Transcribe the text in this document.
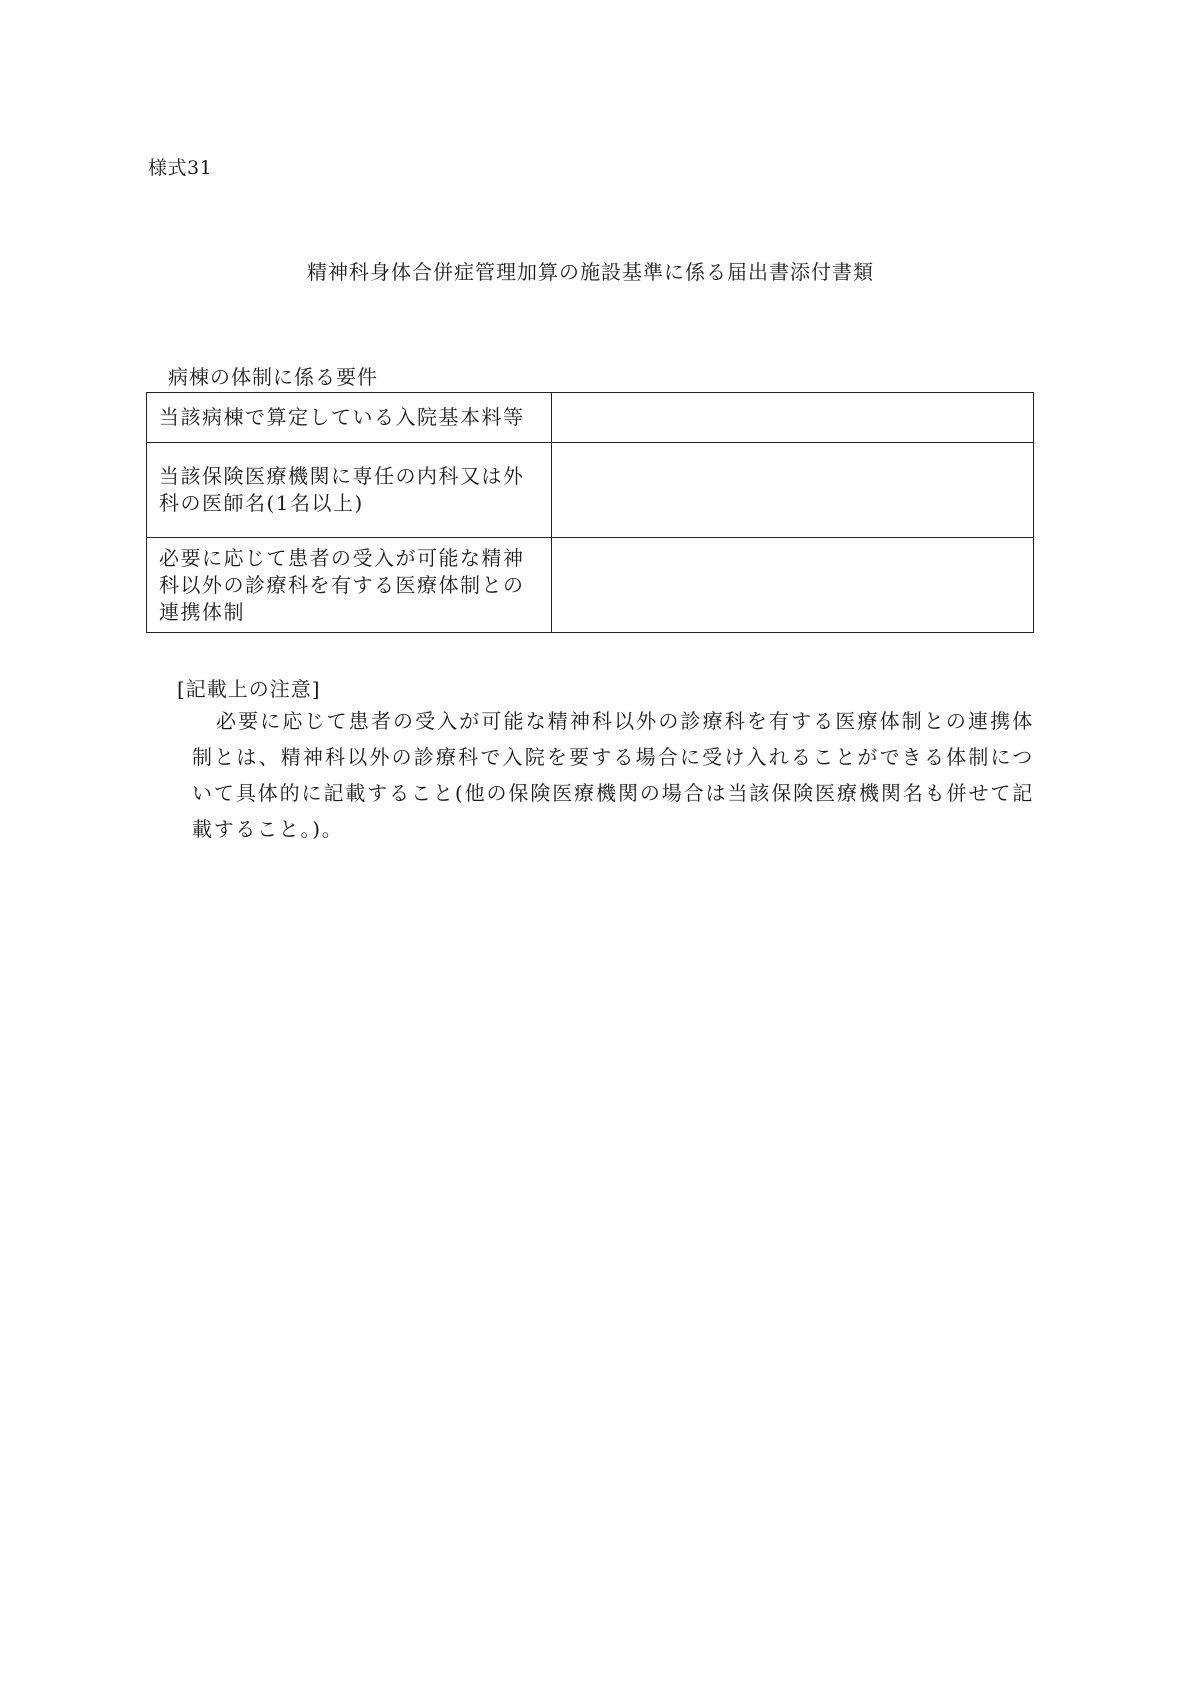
様式31
精神科身体合併症管理加算の施設基準に係る届出書添付書類
病棟の体制に係る要件
当該病棟で算定している入院基本料等	
当該保険医療機関に専任の内科又は外科の医師名(1名以上)	
必要に応じて患者の受入が可能な精神科以外の診療科を有する医療体制との連携体制	
[記載上の注意]
必要に応じて患者の受入が可能な精神科以外の診療科を有する医療体制との連携体制とは、精神科以外の診療科で入院を要する場合に受け入れることができる体制について具体的に記載すること(他の保険医療機関の場合は当該保険医療機関名も併せて記載すること。)。
